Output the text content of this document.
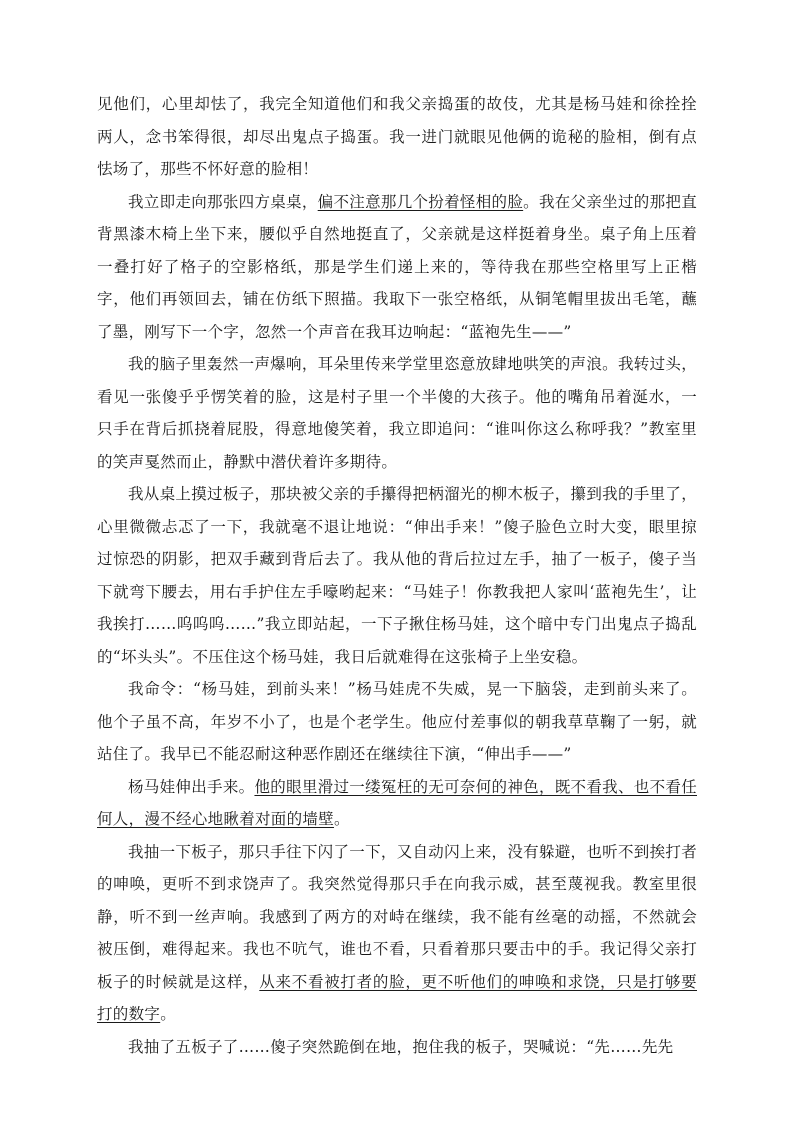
见他们，心里却怯了，我完全知道他们和我父亲捣蛋的故伎，尤其是杨马娃和徐拴拴两人，念书笨得很，却尽出鬼点子捣蛋。我一进门就眼见他俩的诡秘的脸相，倒有点怯场了，那些不怀好意的脸相！

我立即走向那张四方桌桌，偏不注意那几个扮着怪相的脸。我在父亲坐过的那把直背黑漆木椅上坐下来，腰似乎自然地挺直了，父亲就是这样挺着身坐。桌子角上压着一叠打好了格子的空影格纸，那是学生们递上来的，等待我在那些空格里写上正楷字，他们再领回去，铺在仿纸下照描。我取下一张空格纸，从铜笔帽里拔出毛笔，蘸了墨，刚写下一个字，忽然一个声音在我耳边响起：“蓝袍先生——”

我的脑子里轰然一声爆响，耳朵里传来学堂里恣意放肆地哄笑的声浪。我转过头，看见一张傻乎乎愣笑着的脸，这是村子里一个半傻的大孩子。他的嘴角吊着涎水，一只手在背后抓挠着屁股，得意地傻笑着，我立即追问：“谁叫你这么称呼我？”教室里的笑声戛然而止，静默中潜伏着许多期待。

我从桌上摸过板子，那块被父亲的手攥得把柄溜光的柳木板子，攥到我的手里了，心里微微忐忑了一下，我就毫不退让地说：“伸出手来！”傻子脸色立时大变，眼里掠过惊恐的阴影，把双手藏到背后去了。我从他的背后拉过左手，抽了一板子，傻子当下就弯下腰去，用右手护住左手嚎哟起来：“马娃子！你教我把人家叫‘蓝袍先生’，让我挨打……呜呜呜……”我立即站起，一下子揪住杨马娃，这个暗中专门出鬼点子捣乱的“坏头头”。不压住这个杨马娃，我日后就难得在这张椅子上坐安稳。

我命令：“杨马娃，到前头来！”杨马娃虎不失威，晃一下脑袋，走到前头来了。他个子虽不高，年岁不小了，也是个老学生。他应付差事似的朝我草草鞠了一躬，就站住了。我早已不能忍耐这种恶作剧还在继续往下演，“伸出手——”

杨马娃伸出手来。他的眼里滑过一缕冤枉的无可奈何的神色，既不看我、也不看任何人，漫不经心地瞅着对面的墙壁。

我抽一下板子，那只手往下闪了一下，又自动闪上来，没有躲避，也听不到挨打者的呻唤，更听不到求饶声了。我突然觉得那只手在向我示威，甚至蔑视我。教室里很静，听不到一丝声响。我感到了两方的对峙在继续，我不能有丝毫的动摇，不然就会被压倒，难得起来。我也不吭气，谁也不看，只看着那只要击中的手。我记得父亲打板子的时候就是这样，从来不看被打者的脸，更不听他们的呻唤和求饶，只是打够要打的数字。

我抽了五板子了……傻子突然跪倒在地，抱住我的板子，哭喊说：“先……先先
